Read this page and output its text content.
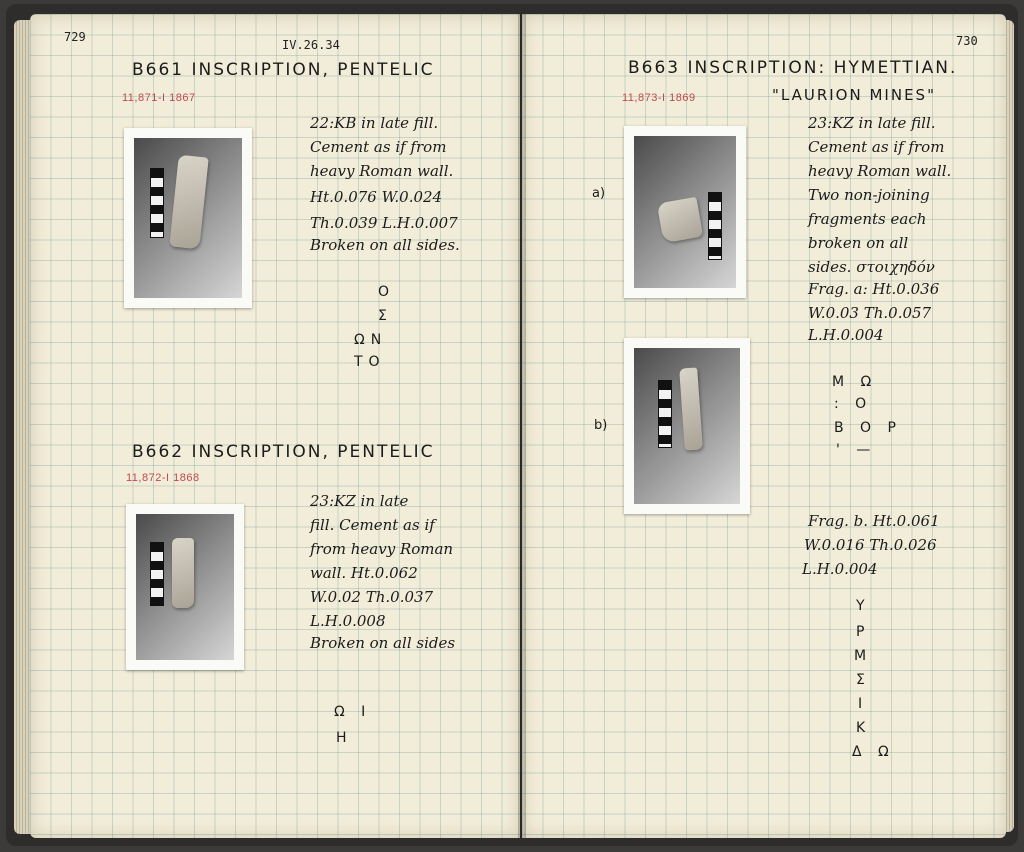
729
IV.26.34
B661 INSCRIPTION, PENTELIC
11,871-I 1867
22:KB in late fill.
Cement as if from
heavy Roman wall.
Ht.0.076 W.0.024
Th.0.039 L.H.0.007
Broken on all sides.
O
Σ
ΩN
TO
B662 INSCRIPTION, PENTELIC
11,872-I 1868
23:KZ in late
fill. Cement as if
from heavy Roman
wall. Ht.0.062
W.0.02 Th.0.037
L.H.0.008
Broken on all sides
Ω I
H
730
B663 INSCRIPTION: HYMETTIAN.
11,873-I 1869	"LAURION MINES"
a)
b)
23:KZ in late fill.
Cement as if from
heavy Roman wall.
Two non-joining
fragments each
broken on all
sides. στοιχηδόν
Frag. a: Ht.0.036
W.0.03 Th.0.057
L.H.0.004
M Ω
: O
B O P
' —
Frag. b. Ht.0.061
W.0.016 Th.0.026
L.H.0.004
Y
P
M
Σ
I
K
Δ Ω
